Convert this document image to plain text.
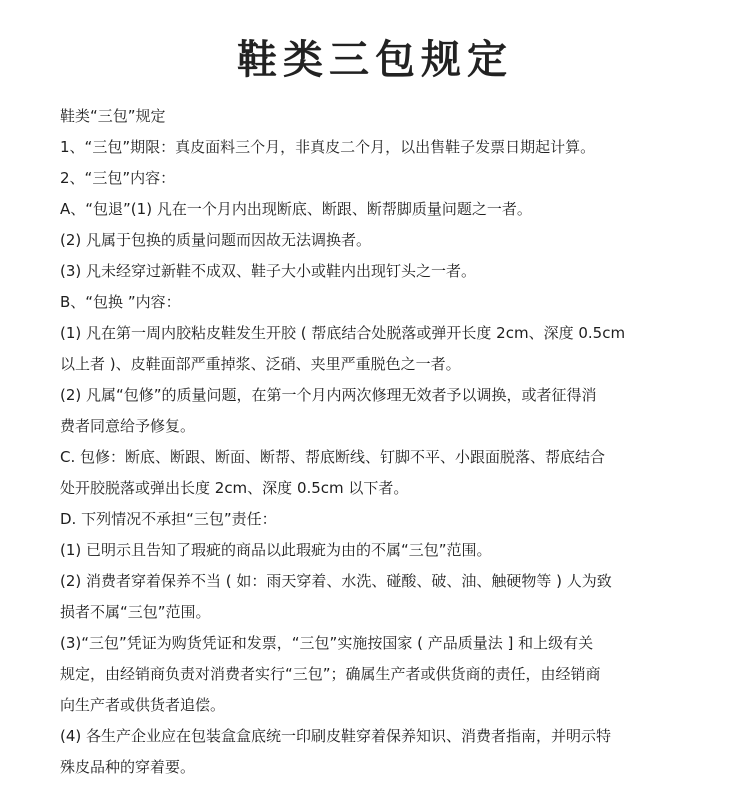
鞋类三包规定
鞋类“三包”规定
1、“三包”期限：真皮面料三个月，非真皮二个月，以出售鞋子发票日期起计算。
2、“三包”内容：
A、“包退”(1) 凡在一个月内出现断底、断跟、断帮脚质量问题之一者。
(2) 凡属于包换的质量问题而因故无法调换者。
(3) 凡未经穿过新鞋不成双、鞋子大小或鞋内出现钉头之一者。
B、“包换 ”内容：
(1) 凡在第一周内胶粘皮鞋发生开胶 ( 帮底结合处脱落或弹开长度 2cm、深度 0.5cm
以上者 )、皮鞋面部严重掉浆、泛硝、夹里严重脱色之一者。
(2) 凡属“包修”的质量问题，在第一个月内两次修理无效者予以调换，或者征得消
费者同意给予修复。
C. 包修：断底、断跟、断面、断帮、帮底断线、钉脚不平、小跟面脱落、帮底结合
处开胶脱落或弹出长度 2cm、深度 0.5cm 以下者。
D. 下列情况不承担“三包”责任：
(1) 已明示且告知了瑕疵的商品以此瑕疵为由的不属“三包”范围。
(2) 消费者穿着保养不当 ( 如：雨天穿着、水洗、碰酸、破、油、触硬物等 ) 人为致
损者不属“三包”范围。
(3)“三包”凭证为购货凭证和发票，“三包”实施按国家 ( 产品质量法 ] 和上级有关
规定，由经销商负责对消费者实行“三包”；确属生产者或供货商的责任，由经销商
向生产者或供货者追偿。
(4) 各生产企业应在包装盒盒底统一印刷皮鞋穿着保养知识、消费者指南，并明示特
殊皮品种的穿着要。
